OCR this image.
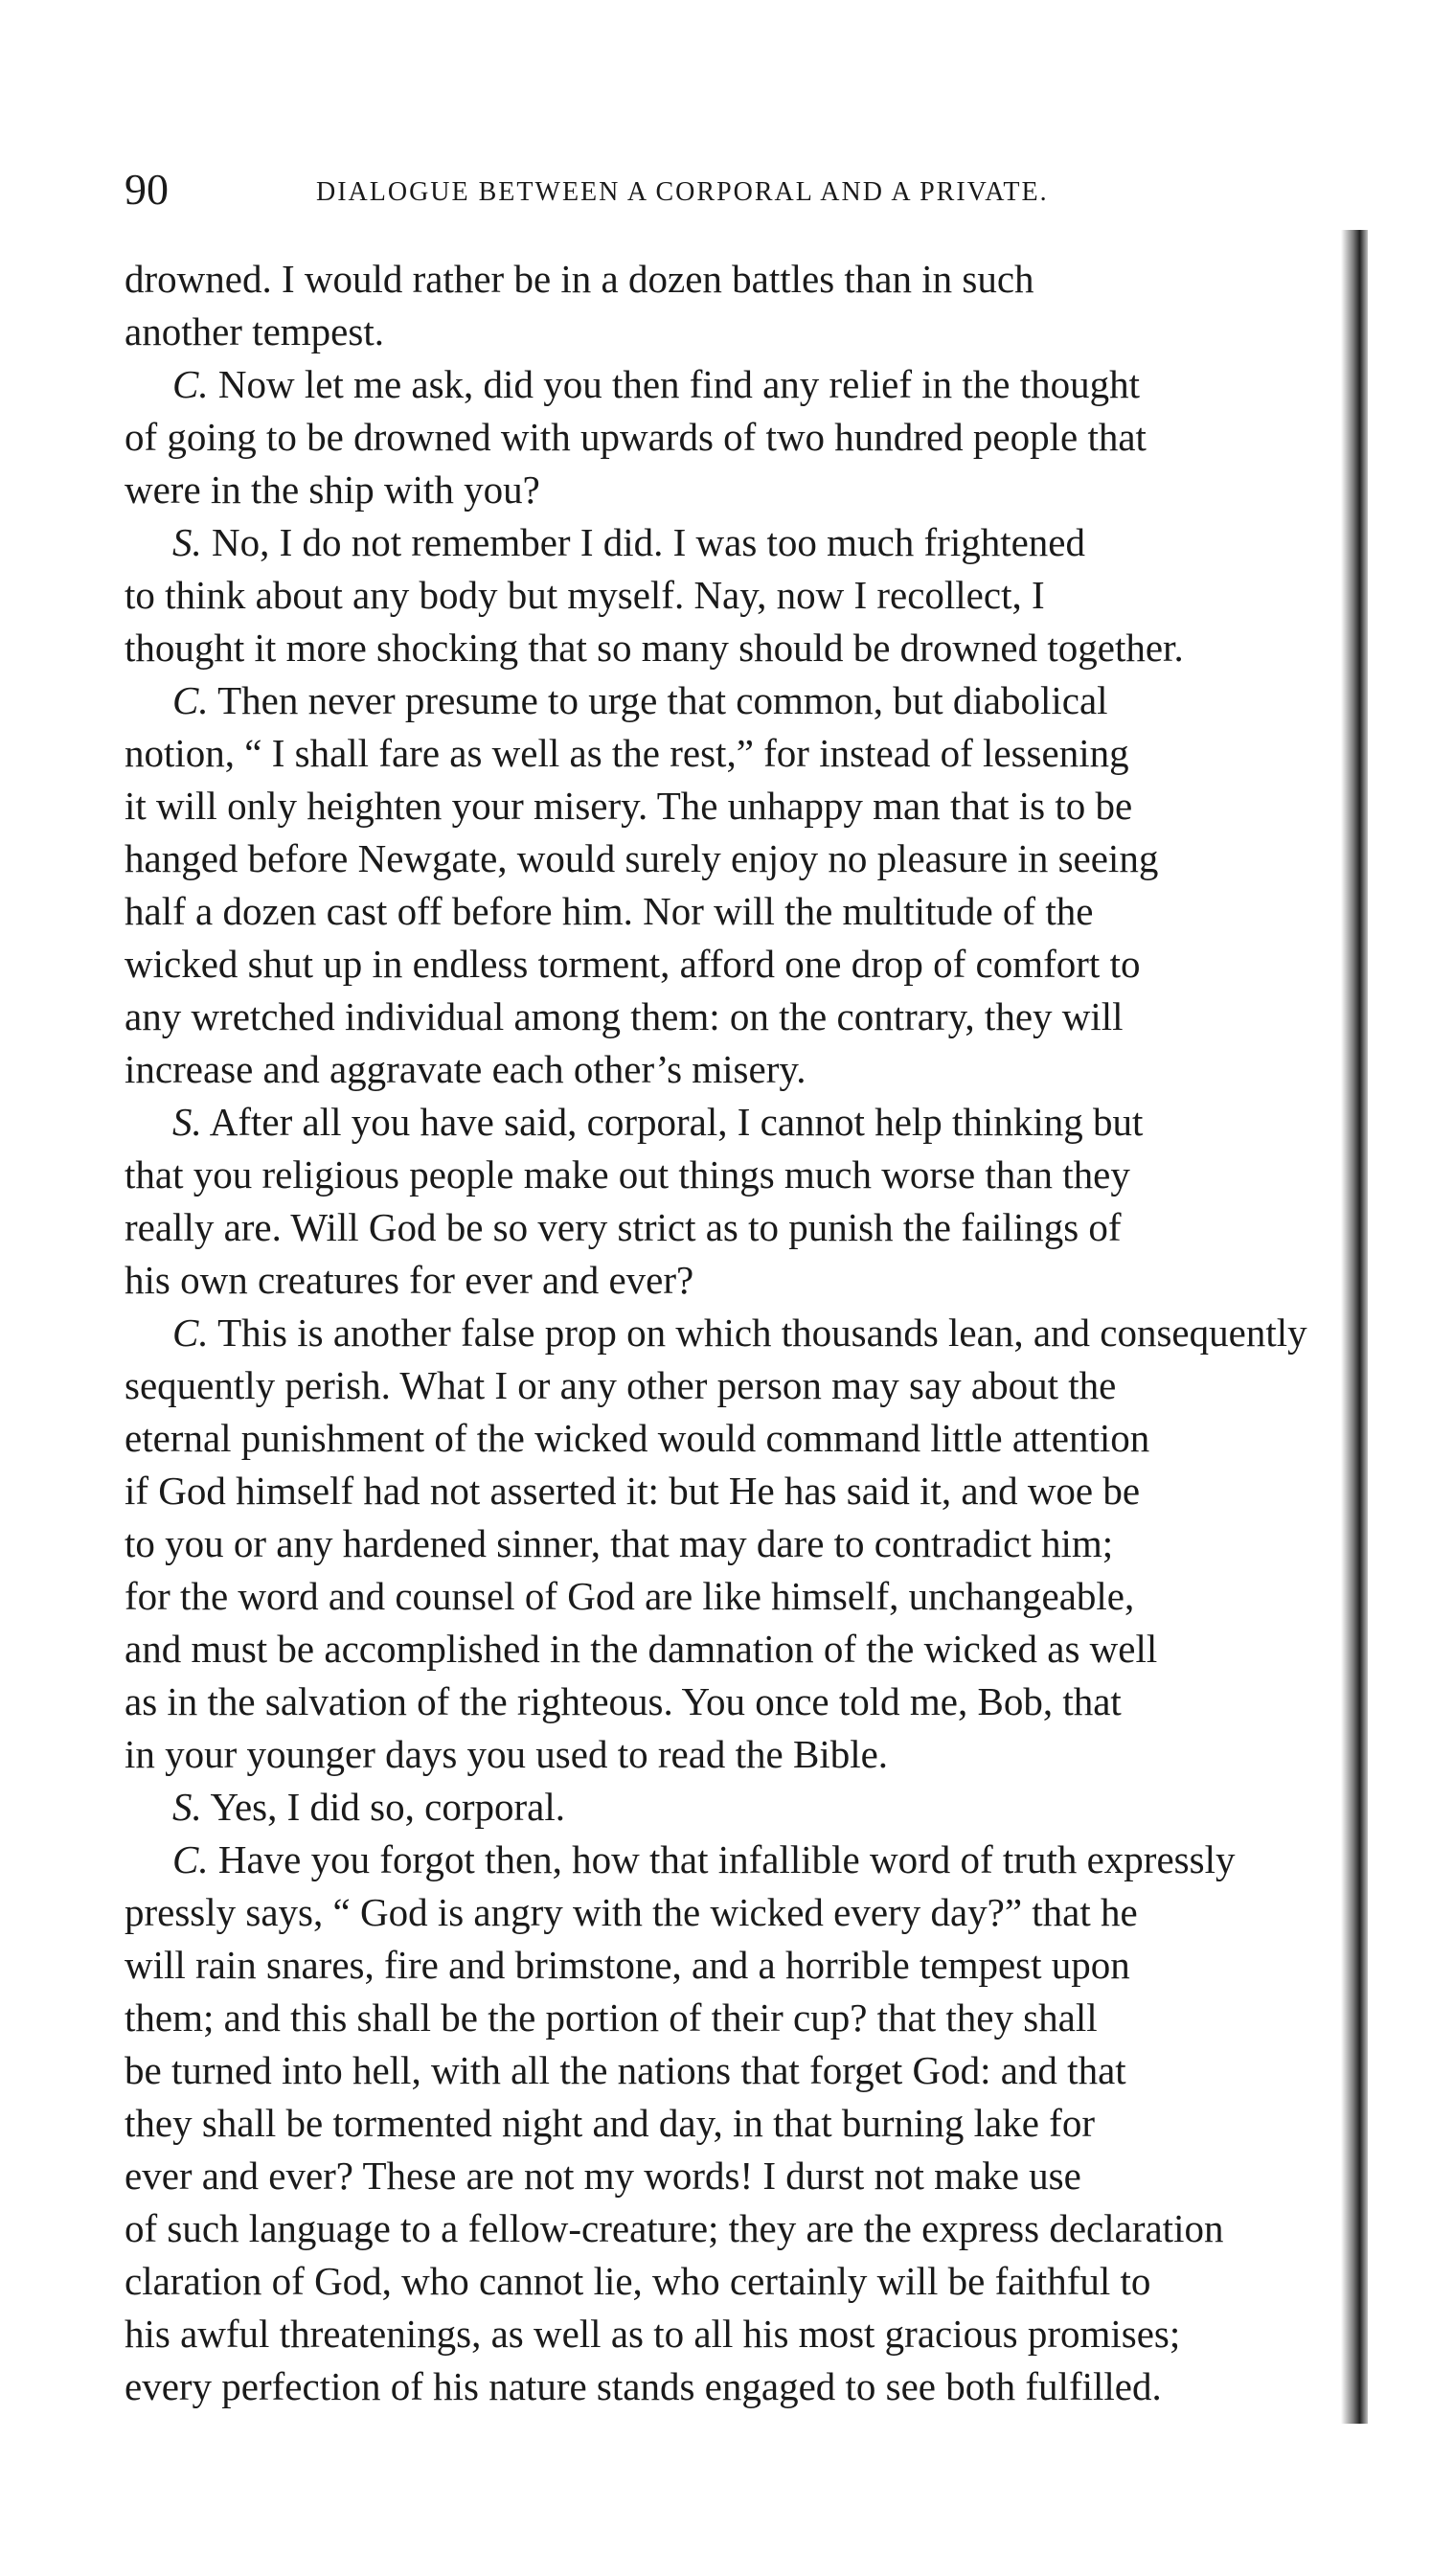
90	DIALOGUE BETWEEN A CORPORAL AND A PRIVATE.
drowned. I would rather be in a dozen battles than in such
another tempest.
C. Now let me ask, did you then find any relief in the thought
of going to be drowned with upwards of two hundred people that
were in the ship with you?
S. No, I do not remember I did. I was too much frightened
to think about any body but myself. Nay, now I recollect, I
thought it more shocking that so many should be drowned together.
C. Then never presume to urge that common, but diabolical
notion, “ I shall fare as well as the rest,” for instead of lessening
it will only heighten your misery. The unhappy man that is to be
hanged before Newgate, would surely enjoy no pleasure in seeing
half a dozen cast off before him. Nor will the multitude of the
wicked shut up in endless torment, afford one drop of comfort to
any wretched individual among them: on the contrary, they will
increase and aggravate each other’s misery.
S. After all you have said, corporal, I cannot help thinking but
that you religious people make out things much worse than they
really are. Will God be so very strict as to punish the failings of
his own creatures for ever and ever?
C. This is another false prop on which thousands lean, and consequently
sequently perish. What I or any other person may say about the
eternal punishment of the wicked would command little attention
if God himself had not asserted it: but He has said it, and woe be
to you or any hardened sinner, that may dare to contradict him;
for the word and counsel of God are like himself, unchangeable,
and must be accomplished in the damnation of the wicked as well
as in the salvation of the righteous. You once told me, Bob, that
in your younger days you used to read the Bible.
S. Yes, I did so, corporal.
C. Have you forgot then, how that infallible word of truth expressly
pressly says, “ God is angry with the wicked every day?” that he
will rain snares, fire and brimstone, and a horrible tempest upon
them; and this shall be the portion of their cup? that they shall
be turned into hell, with all the nations that forget God: and that
they shall be tormented night and day, in that burning lake for
ever and ever? These are not my words! I durst not make use
of such language to a fellow-creature; they are the express declaration
claration of God, who cannot lie, who certainly will be faithful to
his awful threatenings, as well as to all his most gracious promises;
every perfection of his nature stands engaged to see both fulfilled.
